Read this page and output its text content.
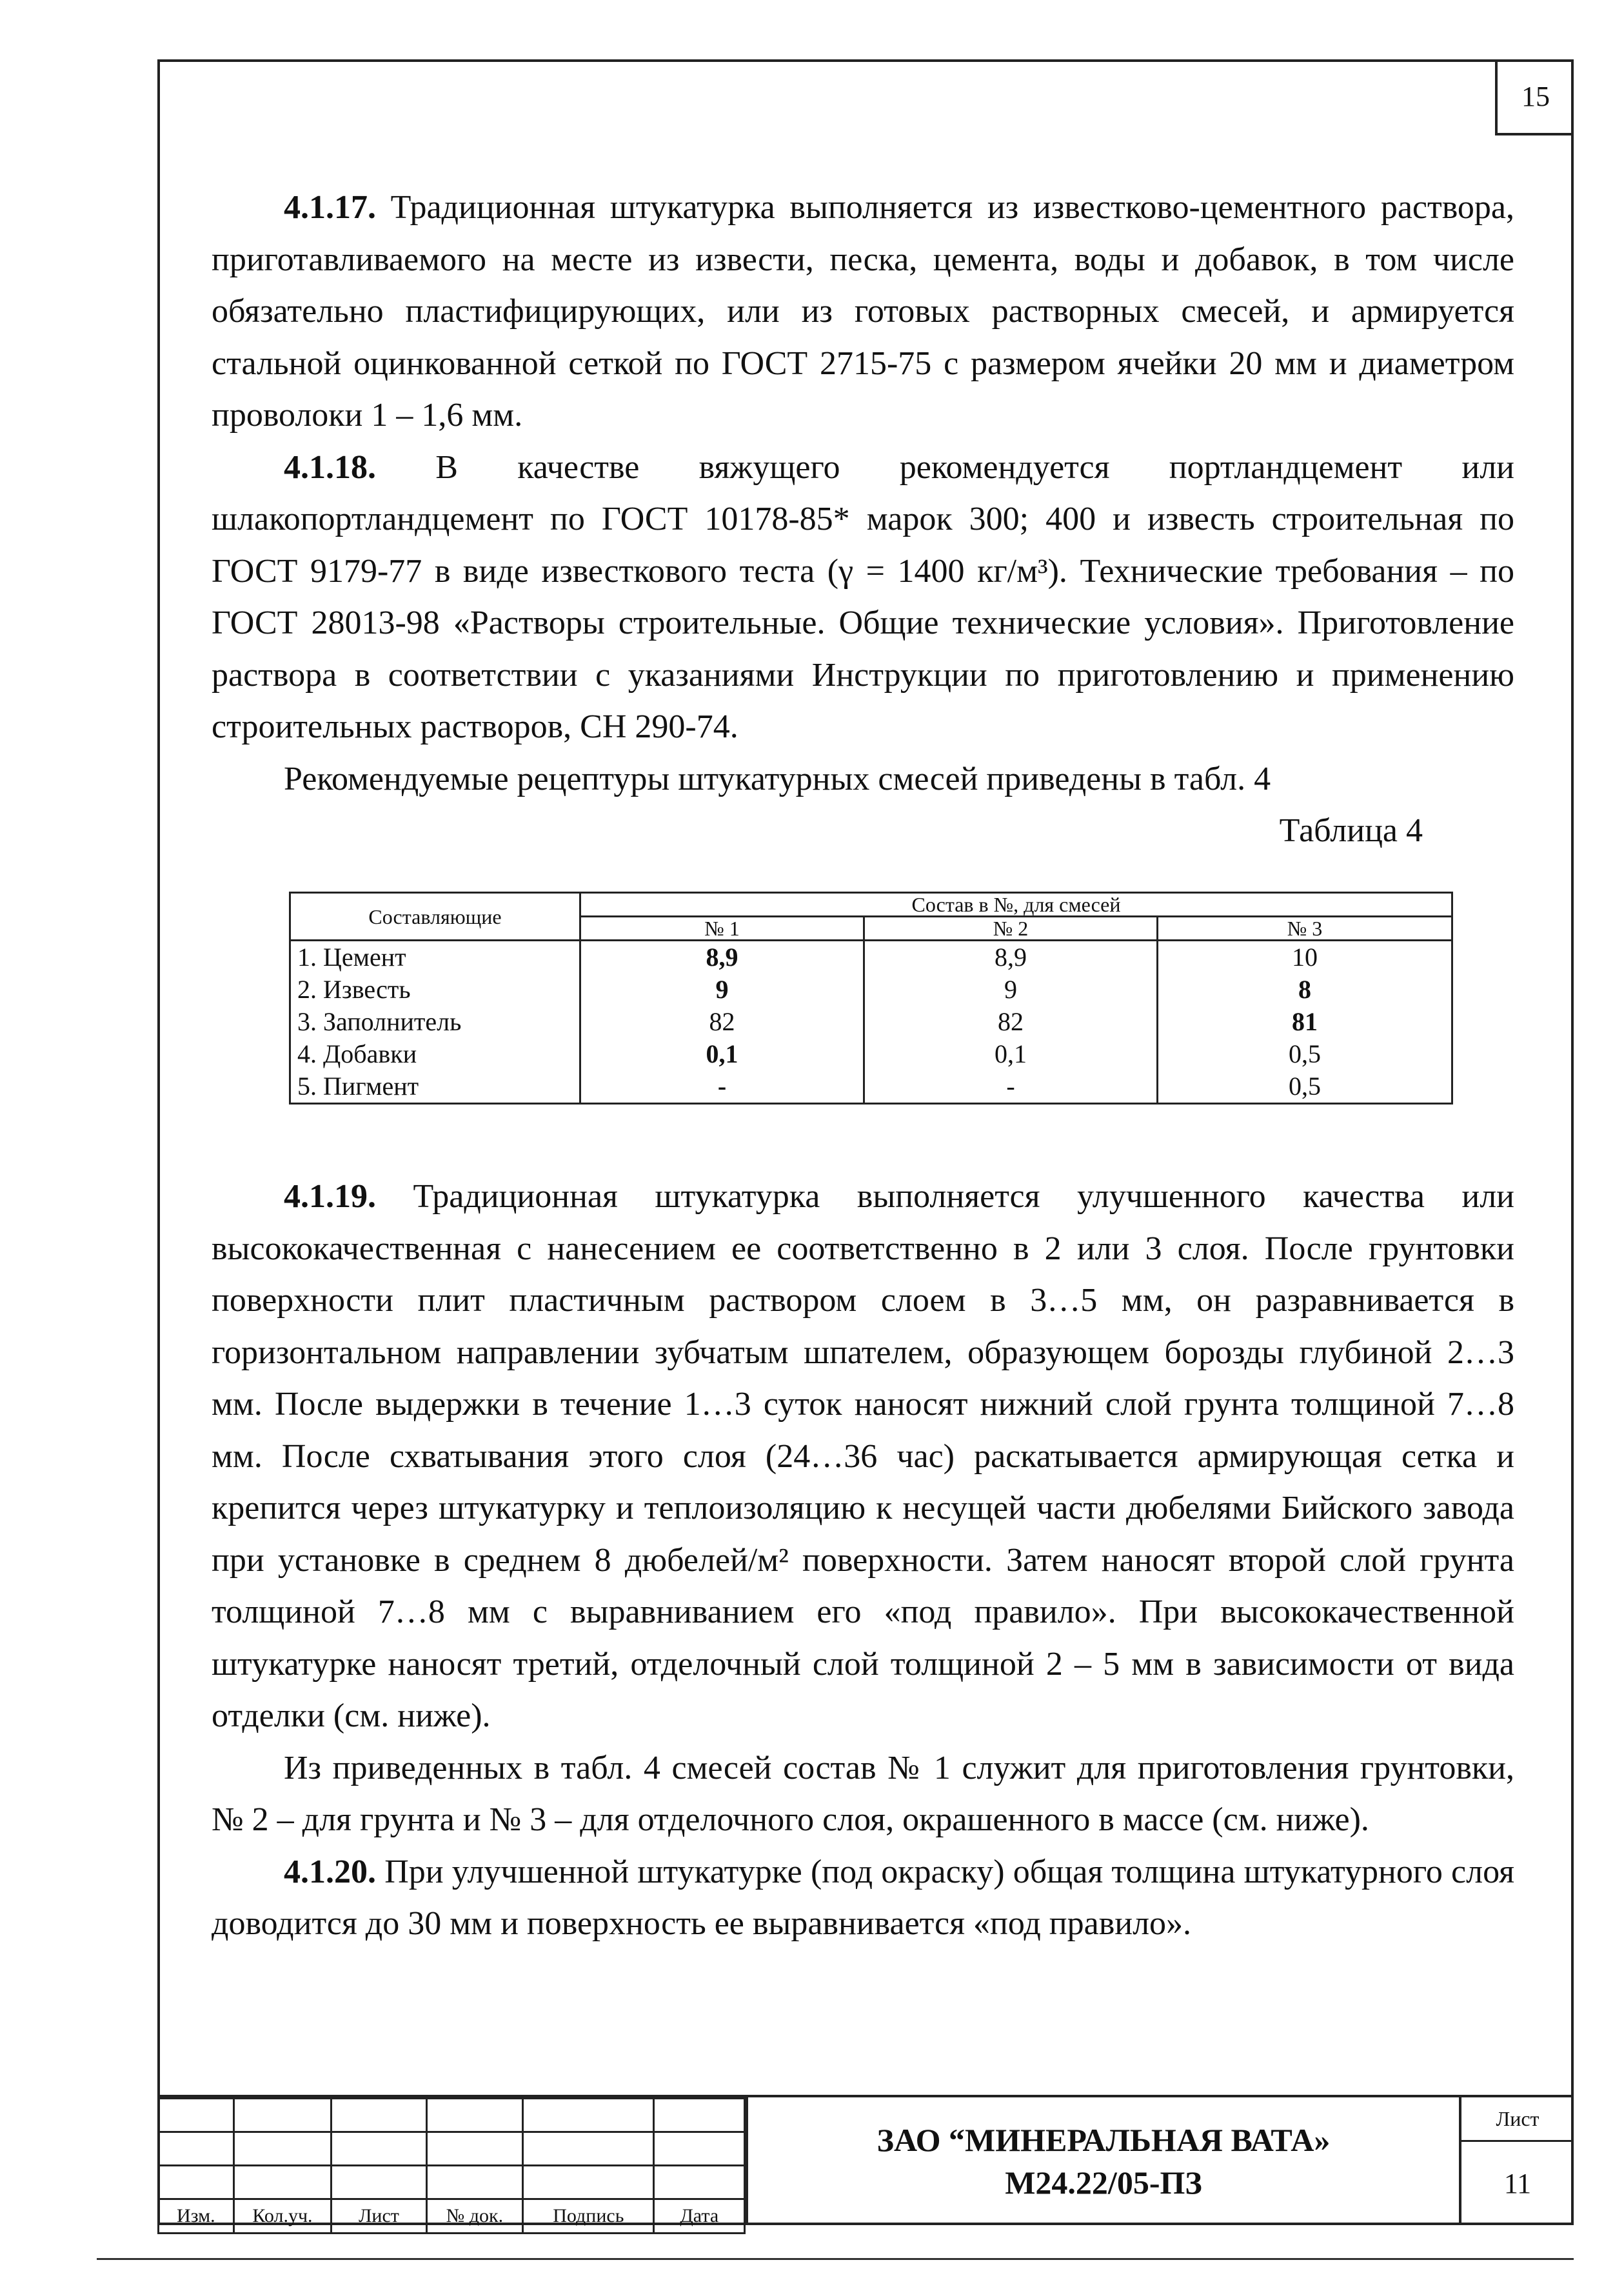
15

4.1.17. Традиционная штукатурка выполняется из известково-цементного раствора, приготавливаемого на месте из извести, песка, цемента, воды и добавок, в том числе обязательно пластифицирующих, или из готовых растворных смесей, и армируется стальной оцинкованной сеткой по ГОСТ 2715-75 с размером ячейки 20 мм и диаметром проволоки 1 – 1,6 мм.

4.1.18. В качестве вяжущего рекомендуется портландцемент или шлакопортландцемент по ГОСТ 10178-85* марок 300; 400 и известь строительная по ГОСТ 9179-77 в виде известкового теста (γ = 1400 кг/м³). Технические требования – по ГОСТ 28013-98 «Растворы строительные. Общие технические условия». Приготовление раствора в соответствии с указаниями Инструкции по приготовлению и применению строительных растворов, СН 290-74.

Рекомендуемые рецептуры штукатурных смесей приведены в табл. 4

Таблица 4

Составляющие	Состав в №, для смесей		
	№ 1	№ 2	№ 3
1. Цемент	8,9	8,9	10
2. Известь	9	9	8
3. Заполнитель	82	82	81
4. Добавки	0,1	0,1	0,5
5. Пигмент	-	-	0,5

4.1.19. Традиционная штукатурка выполняется улучшенного качества или высококачественная с нанесением ее соответственно в 2 или 3 слоя. После грунтовки поверхности плит пластичным раствором слоем в 3…5 мм, он разравнивается в горизонтальном направлении зубчатым шпателем, образующем борозды глубиной 2…3 мм. После выдержки в течение 1…3 суток наносят нижний слой грунта толщиной 7…8 мм. После схватывания этого слоя (24…36 час) раскатывается армирующая сетка и крепится через штукатурку и теплоизоляцию к несущей части дюбелями Бийского завода при установке в среднем 8 дюбелей/м² поверхности. Затем наносят второй слой грунта толщиной 7…8 мм с выравниванием его «под правило». При высококачественной штукатурке наносят третий, отделочный слой толщиной 2 – 5 мм в зависимости от вида отделки (см. ниже).

Из приведенных в табл. 4 смесей состав № 1 служит для приготовления грунтовки, № 2 – для грунта и № 3 – для отделочного слоя, окрашенного в массе (см. ниже).

4.1.20. При улучшенной штукатурке (под окраску) общая толщина штукатурного слоя доводится до 30 мм и поверхность ее выравнивается «под правило».

Изм.	Кол.уч.	Лист	№ док.	Подпись	Дата
ЗАО “МИНЕРАЛЬНАЯ ВАТА»
М24.22/05-ПЗ
Лист
11
